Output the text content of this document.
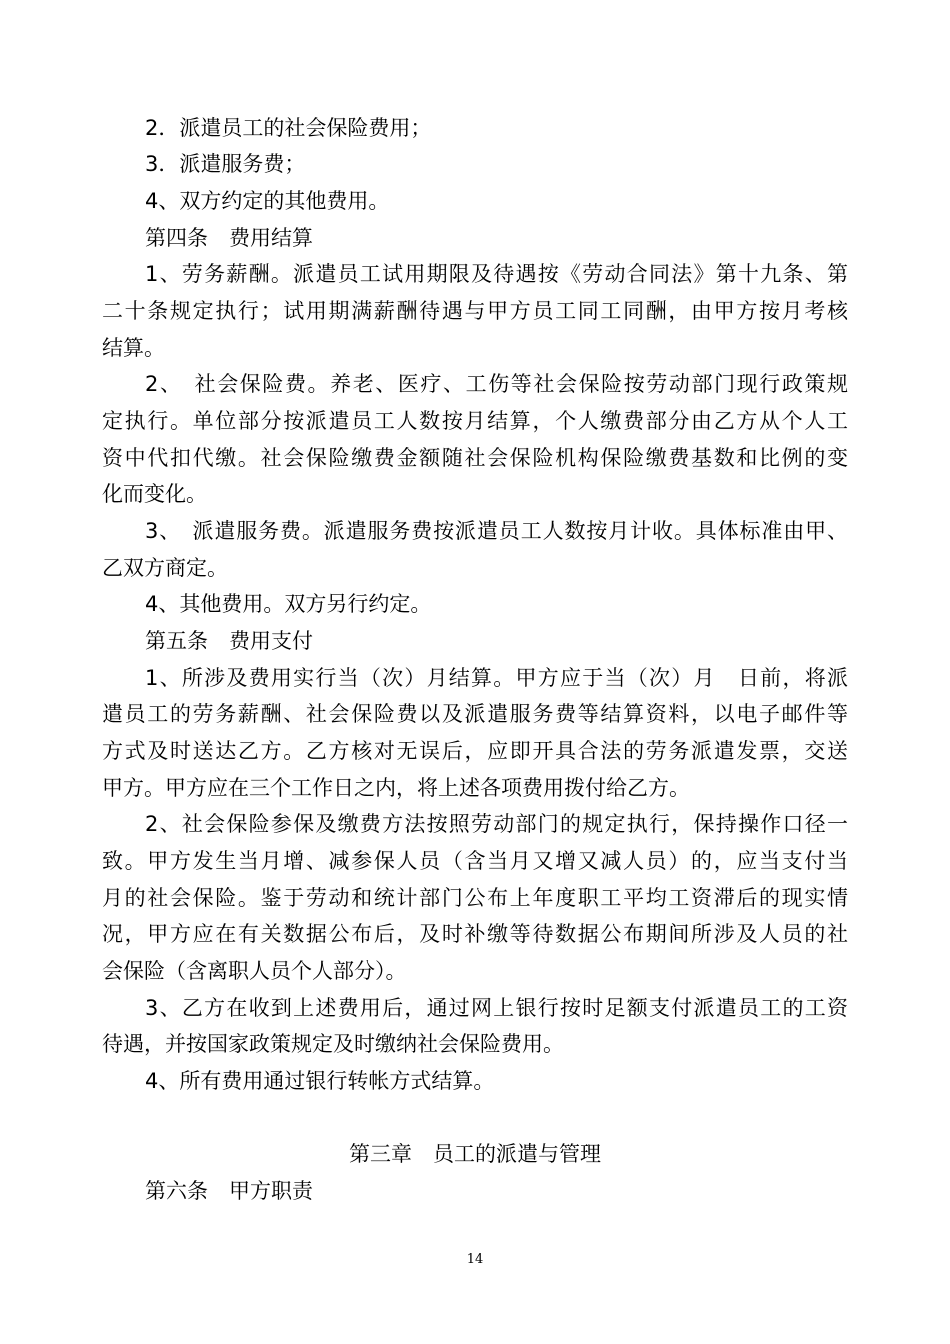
2．派遣员工的社会保险费用；
3．派遣服务费；
4、双方约定的其他费用。
第四条　费用结算
1、劳务薪酬。派遣员工试用期限及待遇按《劳动合同法》第十九条、第
二十条规定执行；试用期满薪酬待遇与甲方员工同工同酬，由甲方按月考核
结算。
2、　社会保险费。养老、医疗、工伤等社会保险按劳动部门现行政策规
定执行。单位部分按派遣员工人数按月结算，个人缴费部分由乙方从个人工
资中代扣代缴。社会保险缴费金额随社会保险机构保险缴费基数和比例的变
化而变化。
3、　派遣服务费。派遣服务费按派遣员工人数按月计收。具体标准由甲、
乙双方商定。
4、其他费用。双方另行约定。
第五条　费用支付
1、所涉及费用实行当（次）月结算。甲方应于当（次）月　日前，将派
遣员工的劳务薪酬、社会保险费以及派遣服务费等结算资料，以电子邮件等
方式及时送达乙方。乙方核对无误后，应即开具合法的劳务派遣发票，交送
甲方。甲方应在三个工作日之内，将上述各项费用拨付给乙方。
2、社会保险参保及缴费方法按照劳动部门的规定执行，保持操作口径一
致。甲方发生当月增、减参保人员（含当月又增又减人员）的，应当支付当
月的社会保险。鉴于劳动和统计部门公布上年度职工平均工资滞后的现实情
况，甲方应在有关数据公布后，及时补缴等待数据公布期间所涉及人员的社
会保险（含离职人员个人部分）。
3、乙方在收到上述费用后，通过网上银行按时足额支付派遣员工的工资
待遇，并按国家政策规定及时缴纳社会保险费用。
4、所有费用通过银行转帐方式结算。
第三章　员工的派遣与管理
第六条　甲方职责
14
